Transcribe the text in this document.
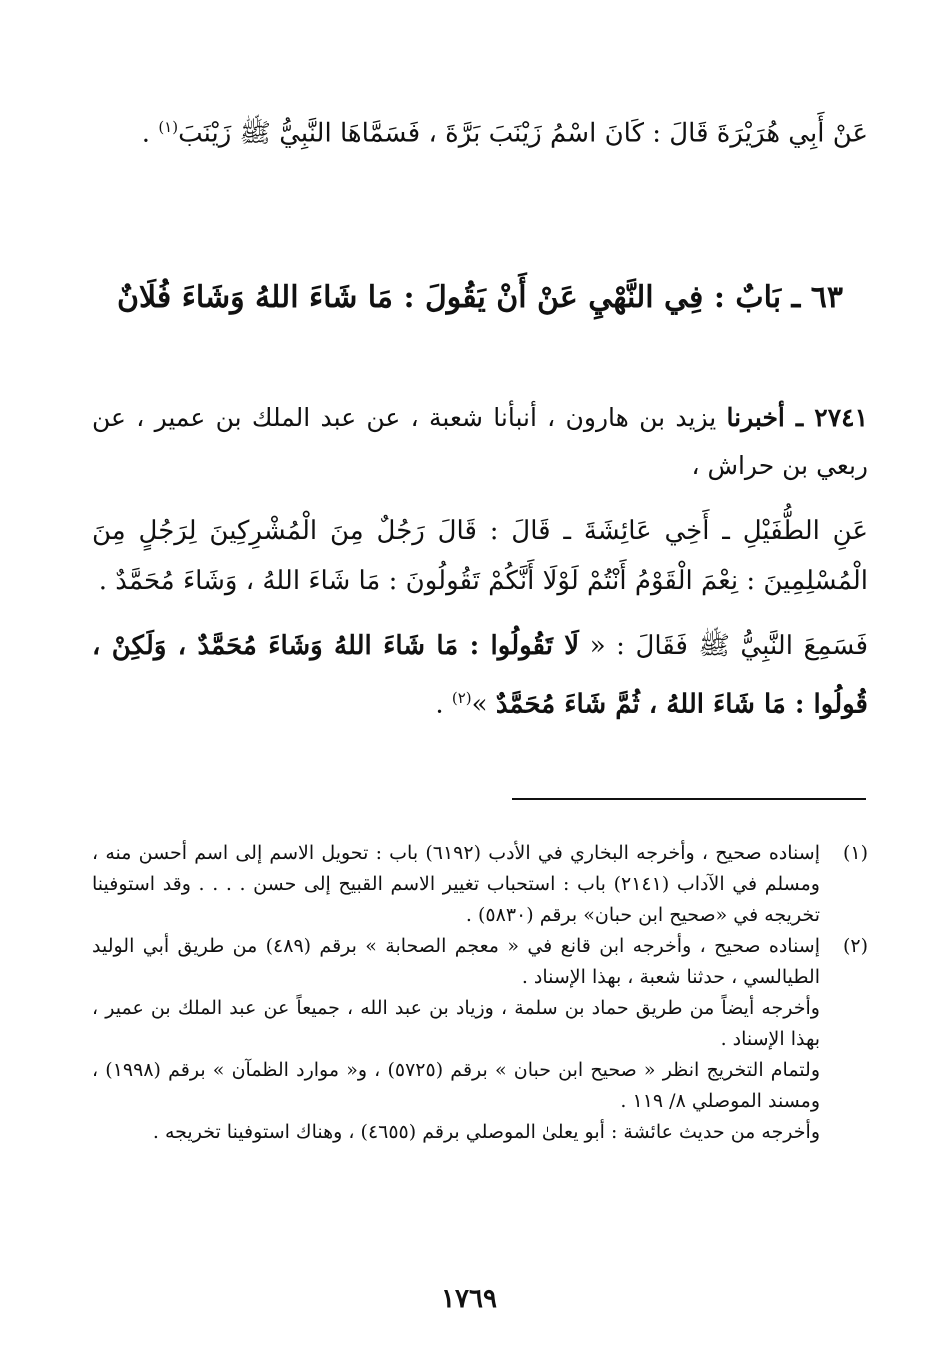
عَنْ أَبِي هُرَيْرَةَ قَالَ : كَانَ اسْمُ زَيْنَبَ بَرَّةَ ، فَسَمَّاهَا النَّبِيُّ ﷺ زَيْنَبَ$^{(١)}$ .
٦٣ ـ بَابٌ : فِي النَّهْيِ عَنْ أَنْ يَقُولَ : مَا شَاءَ اللهُ وَشَاءَ فُلَانٌ
٢٧٤١ ـ أخبرنا يزيد بن هارون ، أنبأنا شعبة ، عن عبد الملك بن عمير ، عن ربعي بن حراش ،
عَنِ الطُّفَيْلِ ـ أَخِي عَائِشَةَ ـ قَالَ : قَالَ رَجُلٌ مِنَ الْمُشْرِكِينَ لِرَجُلٍ مِنَ الْمُسْلِمِينَ : نِعْمَ الْقَوْمُ أَنْتُمْ لَوْلَا أَنَّكُمْ تَقُولُونَ : مَا شَاءَ اللهُ ، وَشَاءَ مُحَمَّدٌ .
فَسَمِعَ النَّبِيُّ ﷺ فَقَالَ : « لَا تَقُولُوا : مَا شَاءَ اللهُ وَشَاءَ مُحَمَّدٌ ، وَلَكِنْ ، قُولُوا : مَا شَاءَ اللهُ ، ثُمَّ شَاءَ مُحَمَّدٌ »$^{(٢)}$ .
(١)

إسناده صحيح ، وأخرجه البخاري في الأدب (٦١٩٢) باب : تحويل الاسم إلى اسم أحسن منه ، ومسلم في الآداب (٢١٤١) باب : استحباب تغيير الاسم القبيح إلى حسن . . . . وقد استوفينا تخريجه في «صحيح ابن حبان» برقم (٥٨٣٠) .

(٢)

إسناده صحيح ، وأخرجه ابن قانع في « معجم الصحابة » برقم (٤٨٩) من طريق أبي الوليد الطيالسي ، حدثنا شعبة ، بهذا الإسناد .

وأخرجه أيضاً من طريق حماد بن سلمة ، وزياد بن عبد الله ، جميعاً عن عبد الملك بن عمير ، بهذا الإسناد .

ولتمام التخريج انظر « صحيح ابن حبان » برقم (٥٧٢٥) ، و« موارد الظمآن » برقم (١٩٩٨) ، ومسند الموصلي ٨/ ١١٩ .

وأخرجه من حديث عائشة : أبو يعلىٰ الموصلي برقم (٤٦٥٥) ، وهناك استوفينا تخريجه .

١٧٦٩
